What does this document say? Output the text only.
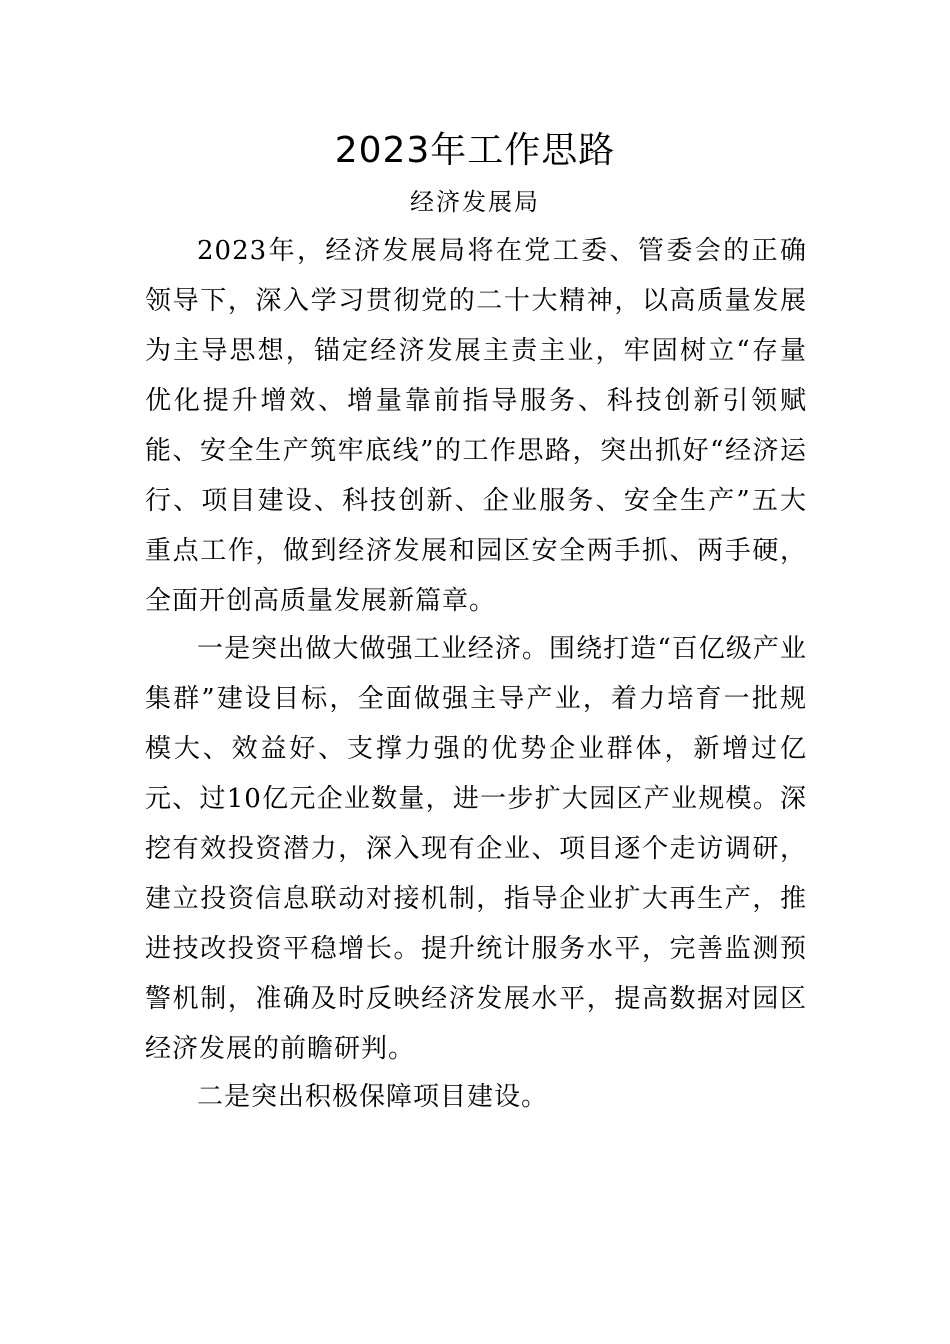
2023年工作思路
经济发展局

2023年，经济发展局将在党工委、管委会的正确领导下，深入学习贯彻党的二十大精神，以高质量发展为主导思想，锚定经济发展主责主业，牢固树立“存量优化提升增效、增量靠前指导服务、科技创新引领赋能、安全生产筑牢底线”的工作思路，突出抓好“经济运行、项目建设、科技创新、企业服务、安全生产”五大重点工作，做到经济发展和园区安全两手抓、两手硬，全面开创高质量发展新篇章。

一是突出做大做强工业经济。围绕打造“百亿级产业集群”建设目标，全面做强主导产业，着力培育一批规模大、效益好、支撑力强的优势企业群体，新增过亿元、过10亿元企业数量，进一步扩大园区产业规模。深挖有效投资潜力，深入现有企业、项目逐个走访调研，建立投资信息联动对接机制，指导企业扩大再生产，推进技改投资平稳增长。提升统计服务水平，完善监测预警机制，准确及时反映经济发展水平，提高数据对园区经济发展的前瞻研判。

二是突出积极保障项目建设。
